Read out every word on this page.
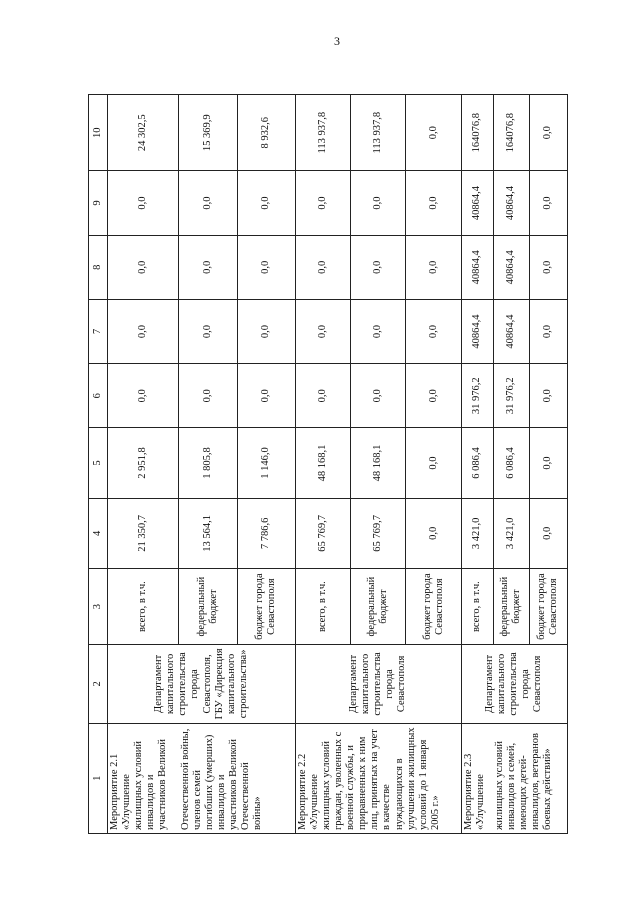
3
1	2	3	4	5	6	7	8	9	10
Мероприятие 2.1 «Улучшение жилищных условий инвалидов и участников Великой	Департамент капитального строительства города Севастополя, ГБУ «Дирекция капитального строительства»	всего, в т.ч.	21 350,7	2 951,8	0,0	0,0	0,0	0,0	24 302,5
Отечественной войны, членов семей погибших (умерших) инвалидов и участников Великой Отечественной войны»		федеральный бюджет	13 564,1	1 805,8	0,0	0,0	0,0	0,0	15 369,9
		бюджет города Севастополя	7 786,6	1 146,0	0,0	0,0	0,0	0,0	8 932,6
Мероприятие 2.2 «Улучшение жилищных условий граждан, уволенных с военной службы, и приравненных к ним лиц, принятых на учет в качестве нуждающихся в улучшении жилищных условий до 1 января 2005 г.»	Департамент капитального строительства города Севастополя	всего, в т.ч.	65 769,7	48 168,1	0,0	0,0	0,0	0,0	113 937,8
		федеральный бюджет	65 769,7	48 168,1	0,0	0,0	0,0	0,0	113 937,8
		бюджет города Севастополя	0,0	0,0	0,0	0,0	0,0	0,0	0,0
Мероприятие 2.3 «Улучшение	Департамент капитального строительства города Севастополя	всего, в т.ч.	3 421,0	6 086,4	31 976,2	40864,4	40864,4	40864,4	164076,8
жилищных условий инвалидов и семей, имеющих детей-инвалидов, ветеранов боевых действий»		федеральный бюджет	3 421,0	6 086,4	31 976,2	40864,4	40864,4	40864,4	164076,8
		бюджет города Севастополя	0,0	0,0	0,0	0,0	0,0	0,0	0,0
